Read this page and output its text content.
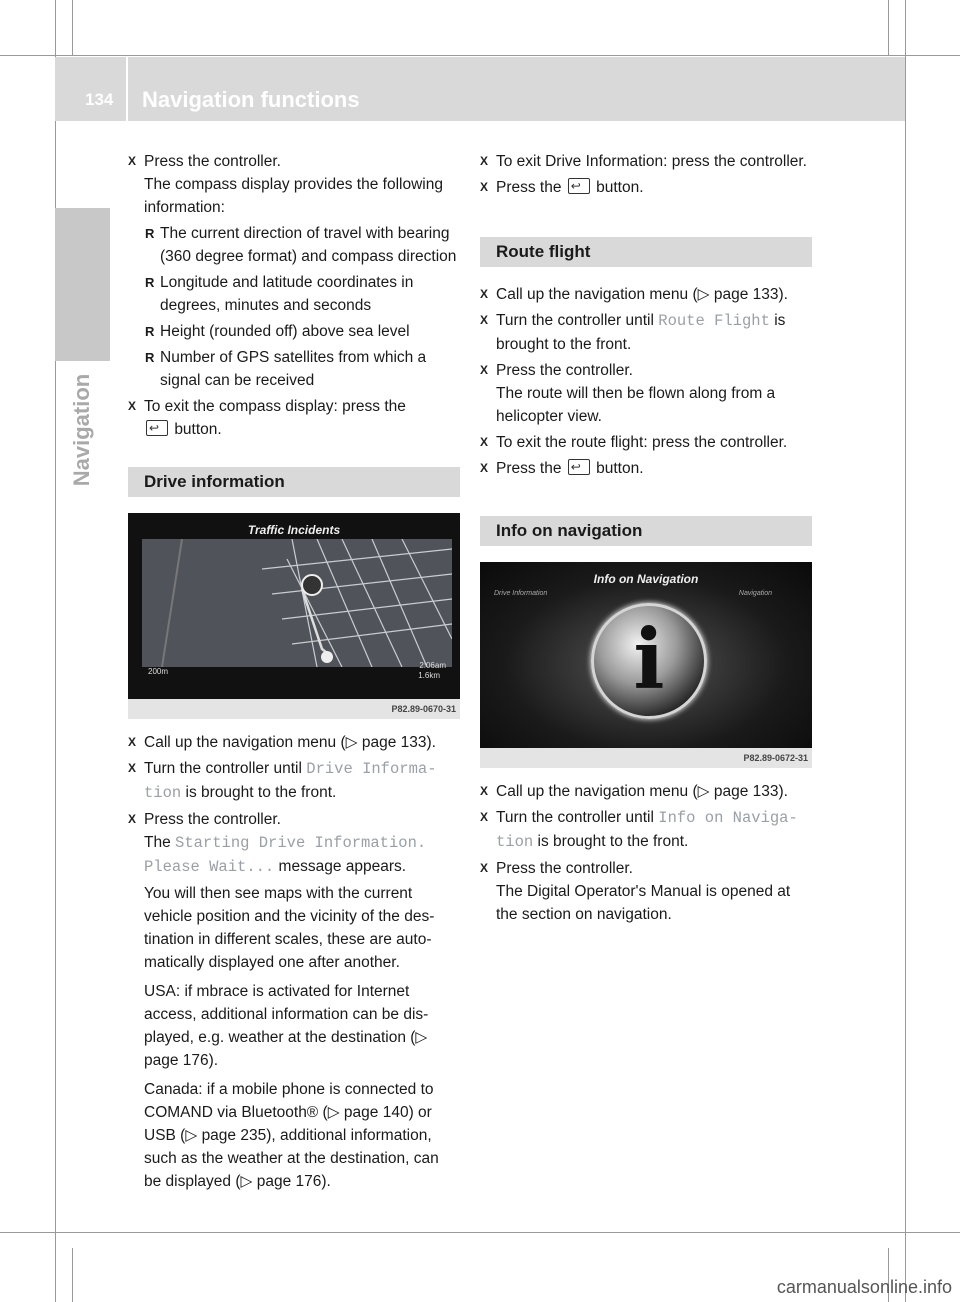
134 Navigation functions
Navigation
X Press the controller.
The compass display provides the following information:
R The current direction of travel with bearing (360 degree format) and compass direction
R Longitude and latitude coordinates in degrees, minutes and seconds
R Height (rounded off) above sea level
R Number of GPS satellites from which a signal can be received
X To exit the compass display: press the
↩ button.
Drive information
Traffic Incidents
200m
2:06am
1.6km
P82.89-0670-31
X Call up the navigation menu (▷ page 133).
X Turn the controller until Drive Information is brought to the front.
X Press the controller.
The Starting Drive Information. Please Wait... message appears.
You will then see maps with the current vehicle position and the vicinity of the destination in different scales, these are automatically displayed one after another.
USA: if mbrace is activated for Internet access, additional information can be displayed, e.g. weather at the destination (▷ page 176).
Canada: if a mobile phone is connected to COMAND via Bluetooth® (▷ page 140) or USB (▷ page 235), additional information, such as the weather at the destination, can be displayed (▷ page 176).
X To exit Drive Information: press the controller.
X Press the ↩ button.
Route flight
X Call up the navigation menu (▷ page 133).
X Turn the controller until Route Flight is brought to the front.
X Press the controller.
The route will then be flown along from a helicopter view.
X To exit the route flight: press the controller.
X Press the ↩ button.
Info on navigation
Info on Navigation
Drive Information	Navigation
i
P82.89-0672-31
X Call up the navigation menu (▷ page 133).
X Turn the controller until Info on Navigation is brought to the front.
X Press the controller.
The Digital Operator's Manual is opened at the section on navigation.
carmanualsonline.info
